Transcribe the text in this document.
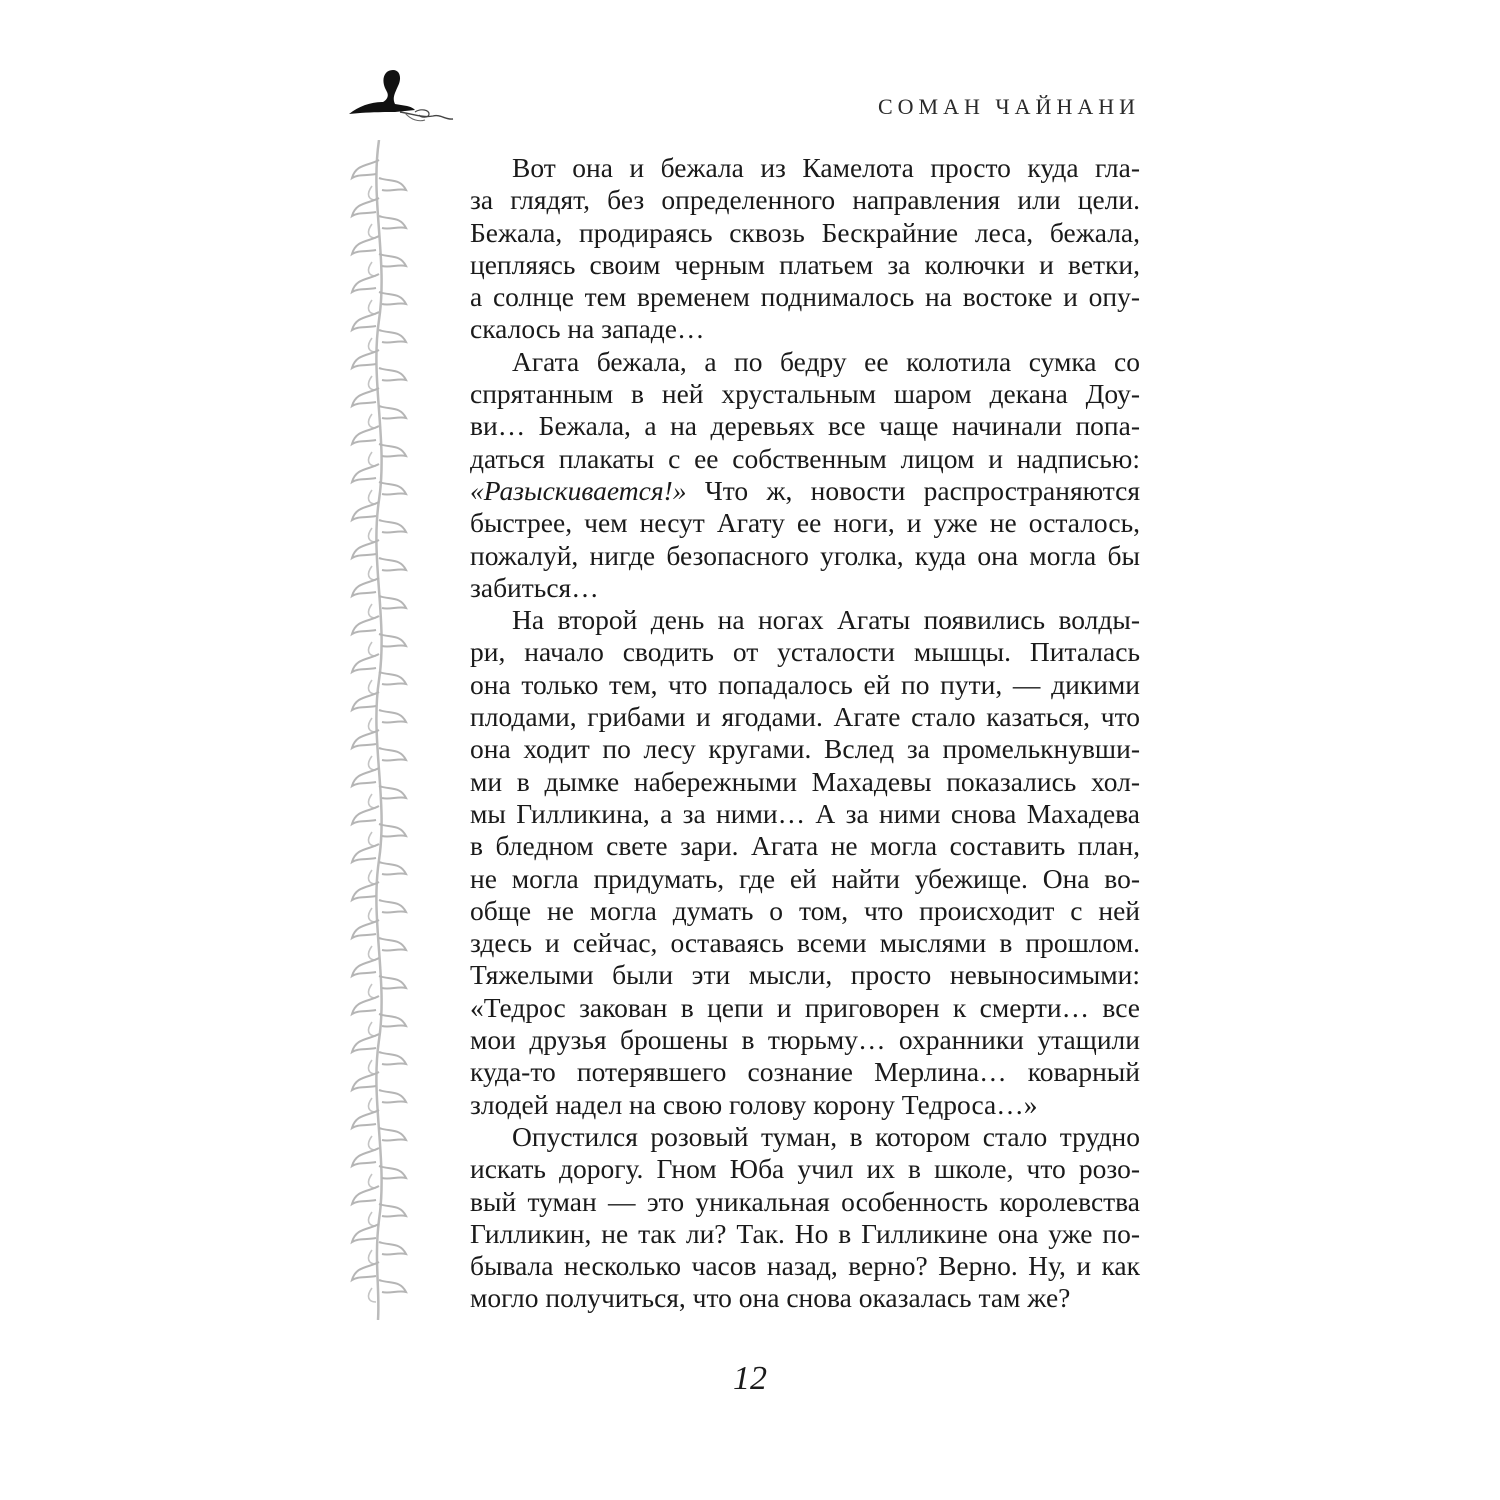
СОМАН ЧАЙНАНИ
Вот она и бежала из Камелота просто куда гла-
за глядят, без определенного направления или цели.
Бежала, продираясь сквозь Бескрайние леса, бежала,
цепляясь своим черным платьем за колючки и ветки,
а солнце тем временем поднималось на востоке и опу-
скалось на западе…
Агата бежала, а по бедру ее колотила сумка со
спрятанным в ней хрустальным шаром декана Доу-
ви… Бежала, а на деревьях все чаще начинали попа-
даться плакаты с ее собственным лицом и надписью:
«Разыскивается!» Что ж, новости распространяются
быстрее, чем несут Агату ее ноги, и уже не осталось,
пожалуй, нигде безопасного уголка, куда она могла бы
забиться…
На второй день на ногах Агаты появились волды-
ри, начало сводить от усталости мышцы. Питалась
она только тем, что попадалось ей по пути, — дикими
плодами, грибами и ягодами. Агате стало казаться, что
она ходит по лесу кругами. Вслед за промелькнувши-
ми в дымке набережными Махадевы показались хол-
мы Гилликина, а за ними… А за ними снова Махадева
в бледном свете зари. Агата не могла составить план,
не могла придумать, где ей найти убежище. Она во-
обще не могла думать о том, что происходит с ней
здесь и сейчас, оставаясь всеми мыслями в прошлом.
Тяжелыми были эти мысли, просто невыносимыми:
«Тедрос закован в цепи и приговорен к смерти… все
мои друзья брошены в тюрьму… охранники утащили
куда-то потерявшего сознание Мерлина… коварный
злодей надел на свою голову корону Тедроса…»
Опустился розовый туман, в котором стало трудно
искать дорогу. Гном Юба учил их в школе, что розо-
вый туман — это уникальная особенность королевства
Гилликин, не так ли? Так. Но в Гилликине она уже по-
бывала несколько часов назад, верно? Верно. Ну, и как
могло получиться, что она снова оказалась там же?
12
